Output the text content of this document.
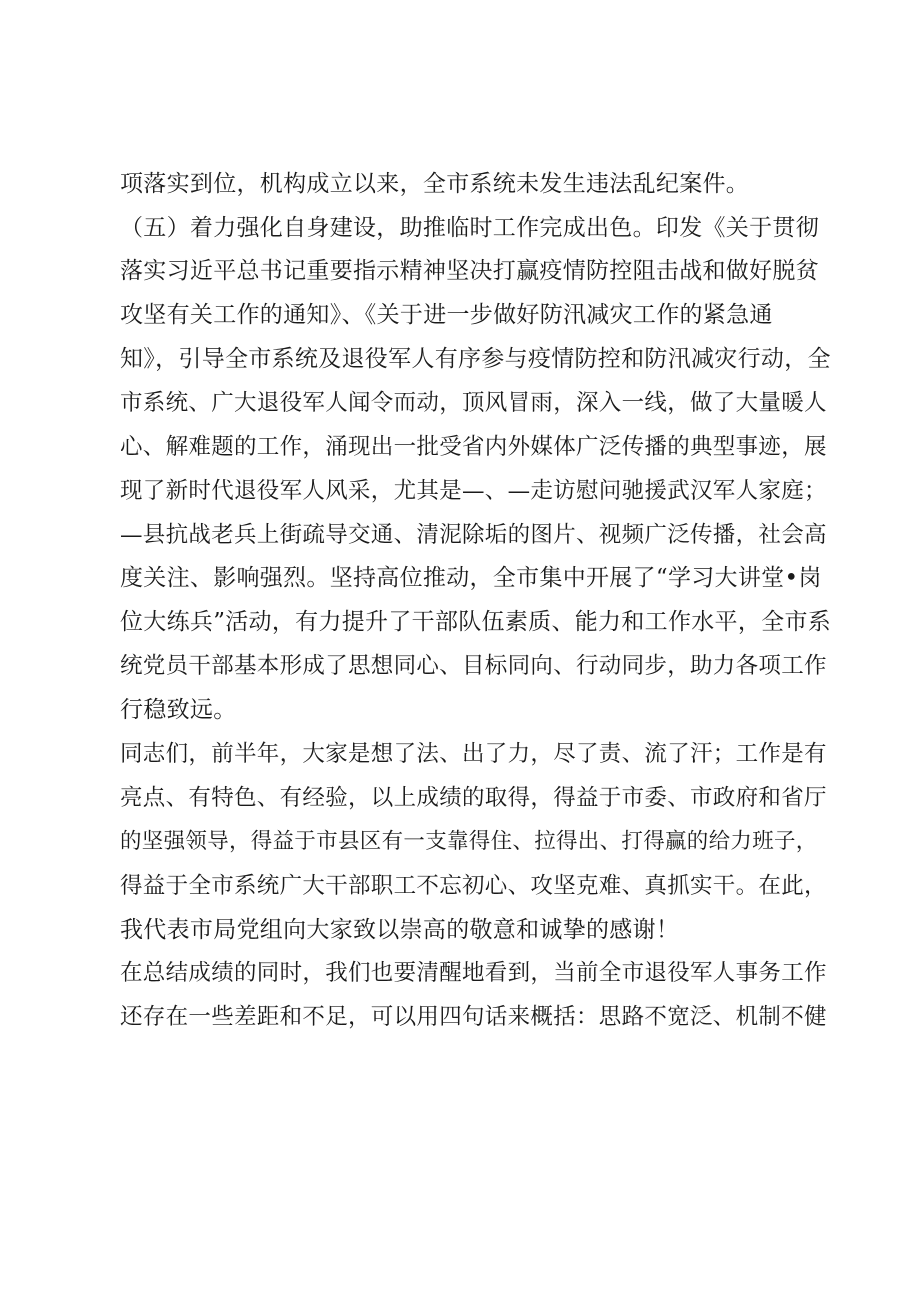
项落实到位，机构成立以来，全市系统未发生违法乱纪案件。
（五）着力强化自身建设，助推临时工作完成出色。印发《关于贯彻
落实习近平总书记重要指示精神坚决打赢疫情防控阻击战和做好脱贫
攻坚有关工作的通知》、《关于进一步做好防汛减灾工作的紧急通
知》，引导全市系统及退役军人有序参与疫情防控和防汛减灾行动，全
市系统、广大退役军人闻令而动，顶风冒雨，深入一线，做了大量暖人
心、解难题的工作，涌现出一批受省内外媒体广泛传播的典型事迹，展
现了新时代退役军人风采，尤其是—、—走访慰问驰援武汉军人家庭；
—县抗战老兵上街疏导交通、清泥除垢的图片、视频广泛传播，社会高
度关注、影响强烈。坚持高位推动，全市集中开展了“学习大讲堂•岗
位大练兵”活动，有力提升了干部队伍素质、能力和工作水平，全市系
统党员干部基本形成了思想同心、目标同向、行动同步，助力各项工作
行稳致远。
同志们，前半年，大家是想了法、出了力，尽了责、流了汗；工作是有
亮点、有特色、有经验，以上成绩的取得，得益于市委、市政府和省厅
的坚强领导，得益于市县区有一支靠得住、拉得出、打得赢的给力班子，
得益于全市系统广大干部职工不忘初心、攻坚克难、真抓实干。在此，
我代表市局党组向大家致以崇高的敬意和诚挚的感谢！
在总结成绩的同时，我们也要清醒地看到，当前全市退役军人事务工作
还存在一些差距和不足，可以用四句话来概括：思路不宽泛、机制不健
